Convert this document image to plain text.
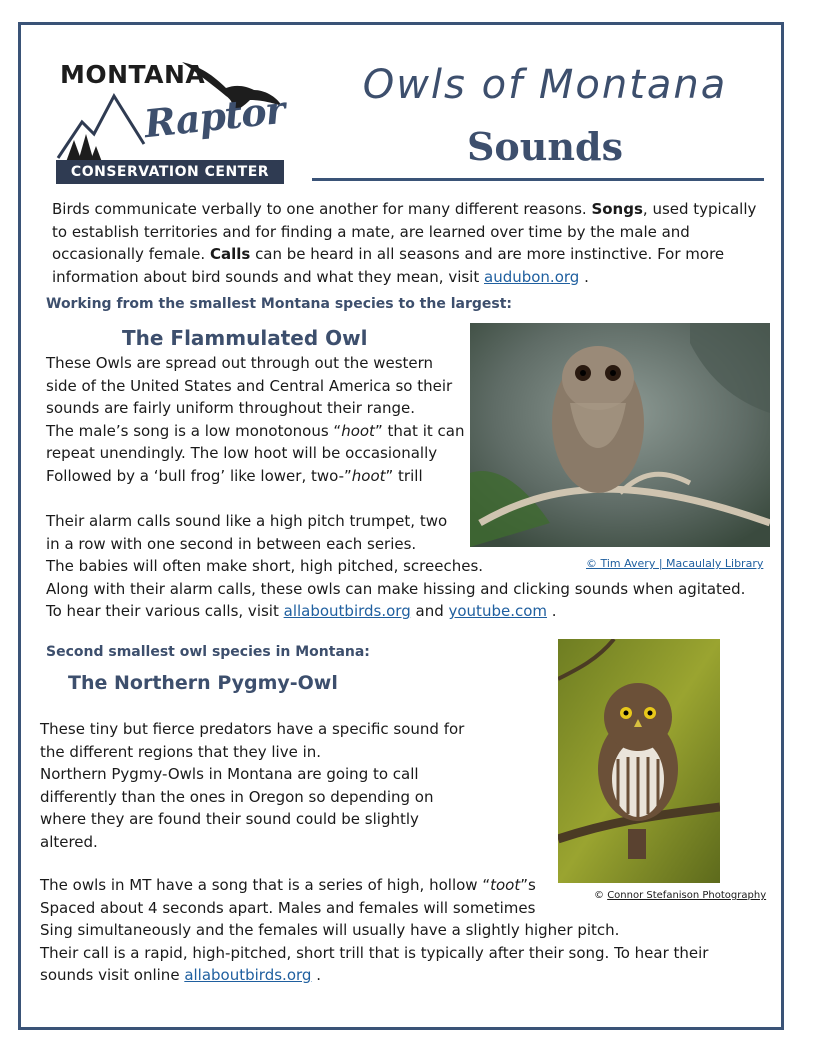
MONTANA
Raptor
CONSERVATION CENTER
Owls of Montana
Sounds
Birds communicate verbally to one another for many different reasons. Songs, used typically to establish territories and for finding a mate, are learned over time by the male and occasionally female. Calls can be heard in all seasons and are more instinctive. For more information about bird sounds and what they mean, visit audubon.org .
Working from the smallest Montana species to the largest:
The Flammulated Owl
These Owls are spread out through out the western
side of the United States and Central America so their
sounds are fairly uniform throughout their range.
The male’s song is a low monotonous “hoot” that it can
repeat unendingly. The low hoot will be occasionally
Followed by a ‘bull frog’ like lower, two-”hoot” trill
© Tim Avery | Macaulaly Library
Their alarm calls sound like a high pitch trumpet, two
in a row with one second in between each series.
The babies will often make short, high pitched, screeches.
Along with their alarm calls, these owls can make hissing and clicking sounds when agitated.
To hear their various calls, visit allaboutbirds.org and youtube.com .
Second smallest owl species in Montana:
The Northern Pygmy-Owl
These tiny but fierce predators have a specific sound for
the different regions that they live in.
Northern Pygmy-Owls in Montana are going to call
differently than the ones in Oregon so depending on
where they are found their sound could be slightly
altered.
© Connor Stefanison Photography
The owls in MT have a song that is a series of high, hollow “toot”s
Spaced about 4 seconds apart. Males and females will sometimes
Sing simultaneously and the females will usually have a slightly higher pitch.
Their call is a rapid, high-pitched, short trill that is typically after their song. To hear their
sounds visit online allaboutbirds.org .
